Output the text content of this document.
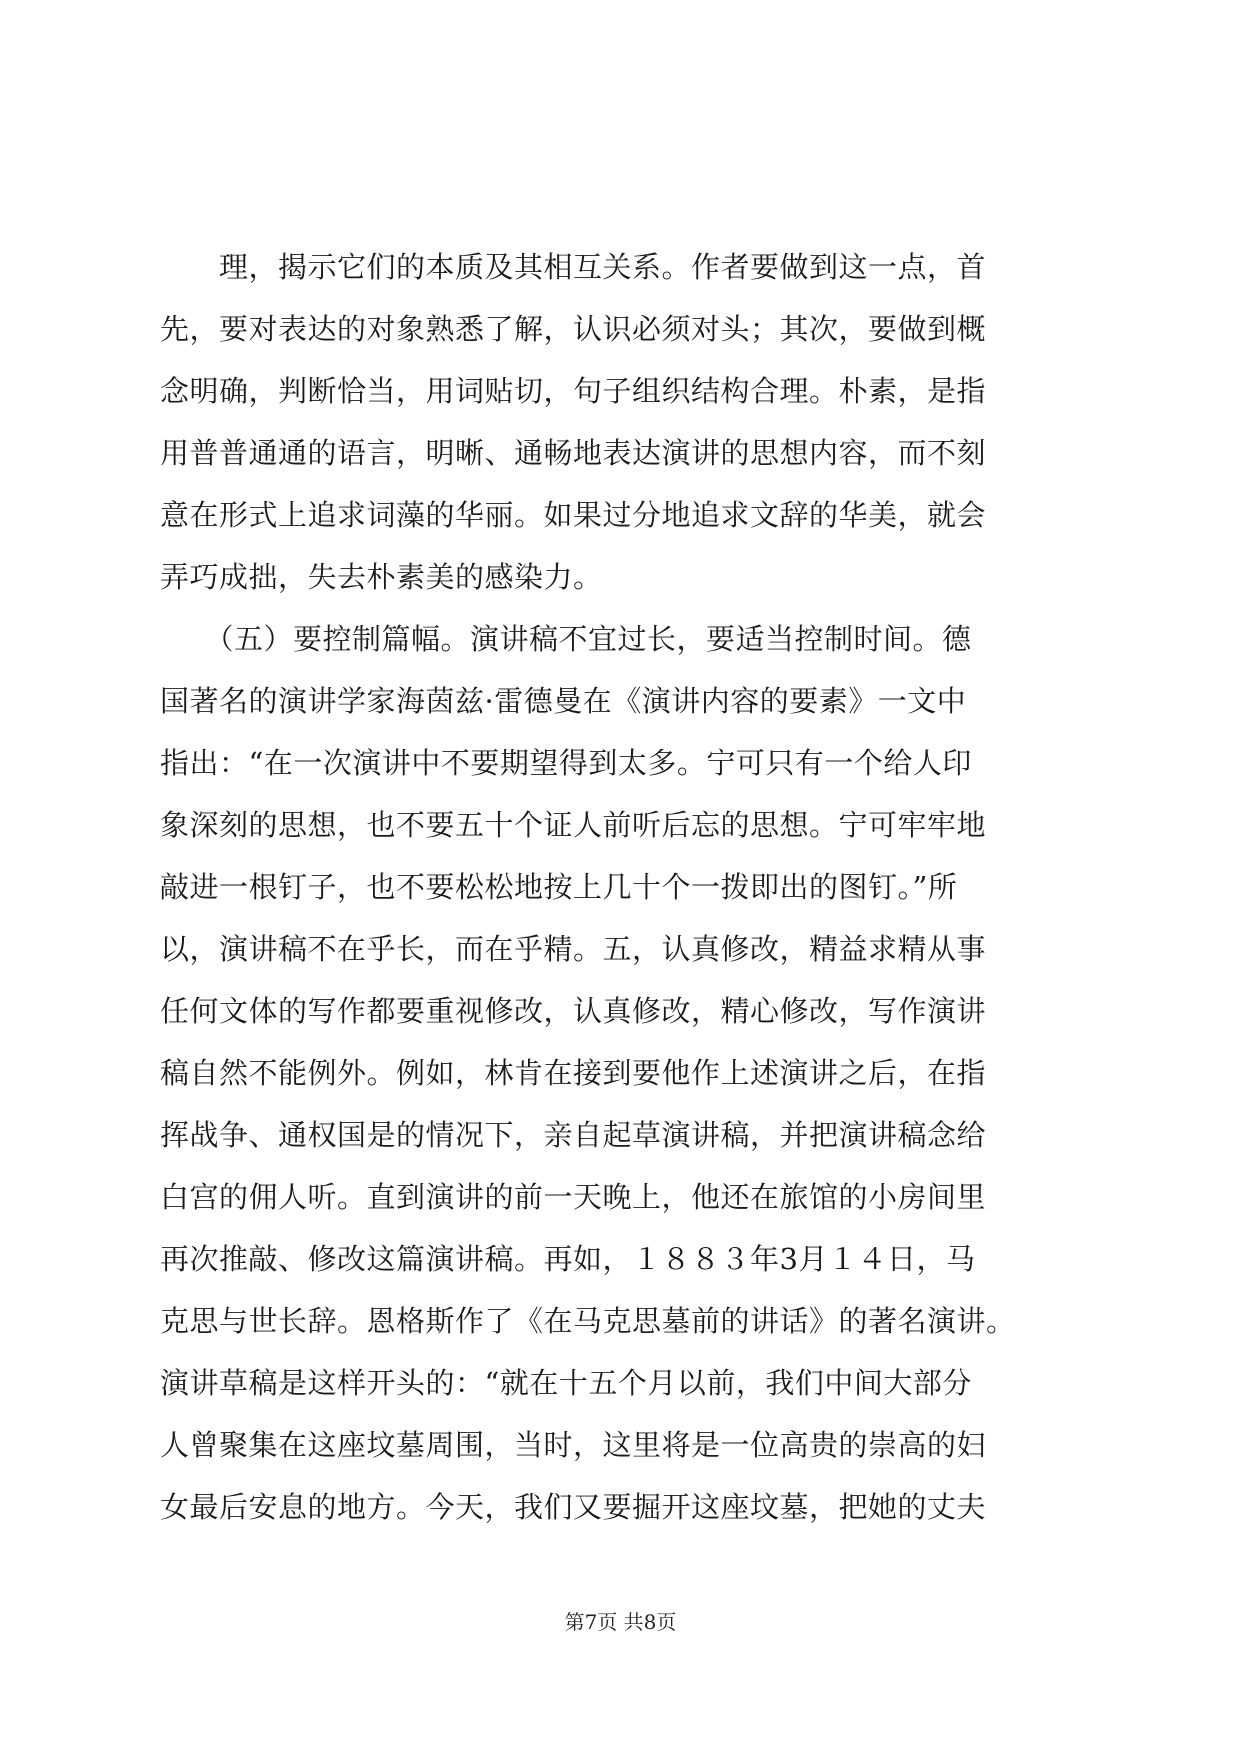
　　理，揭示它们的本质及其相互关系。作者要做到这一点，首
先，要对表达的对象熟悉了解，认识必须对头；其次，要做到概
念明确，判断恰当，用词贴切，句子组织结构合理。朴素，是指
用普普通通的语言，明晰、通畅地表达演讲的思想内容，而不刻
意在形式上追求词藻的华丽。如果过分地追求文辞的华美，就会
弄巧成拙，失去朴素美的感染力。
　　（五）要控制篇幅。演讲稿不宜过长，要适当控制时间。德
国著名的演讲学家海茵兹·雷德曼在《演讲内容的要素》一文中
指出：“在一次演讲中不要期望得到太多。宁可只有一个给人印
象深刻的思想，也不要五十个证人前听后忘的思想。宁可牢牢地
敲进一根钉子，也不要松松地按上几十个一拨即出的图钉。”所
以，演讲稿不在乎长，而在乎精。五，认真修改，精益求精从事
任何文体的写作都要重视修改，认真修改，精心修改，写作演讲
稿自然不能例外。例如，林肯在接到要他作上述演讲之后，在指
挥战争、通权国是的情况下，亲自起草演讲稿，并把演讲稿念给
白宫的佣人听。直到演讲的前一天晚上，他还在旅馆的小房间里
再次推敲、修改这篇演讲稿。再如，１８８３年3月１４日，马
克思与世长辞。恩格斯作了《在马克思墓前的讲话》的著名演讲。
演讲草稿是这样开头的：“就在十五个月以前，我们中间大部分
人曾聚集在这座坟墓周围，当时，这里将是一位高贵的崇高的妇
女最后安息的地方。今天，我们又要掘开这座坟墓，把她的丈夫
第7页 共8页
